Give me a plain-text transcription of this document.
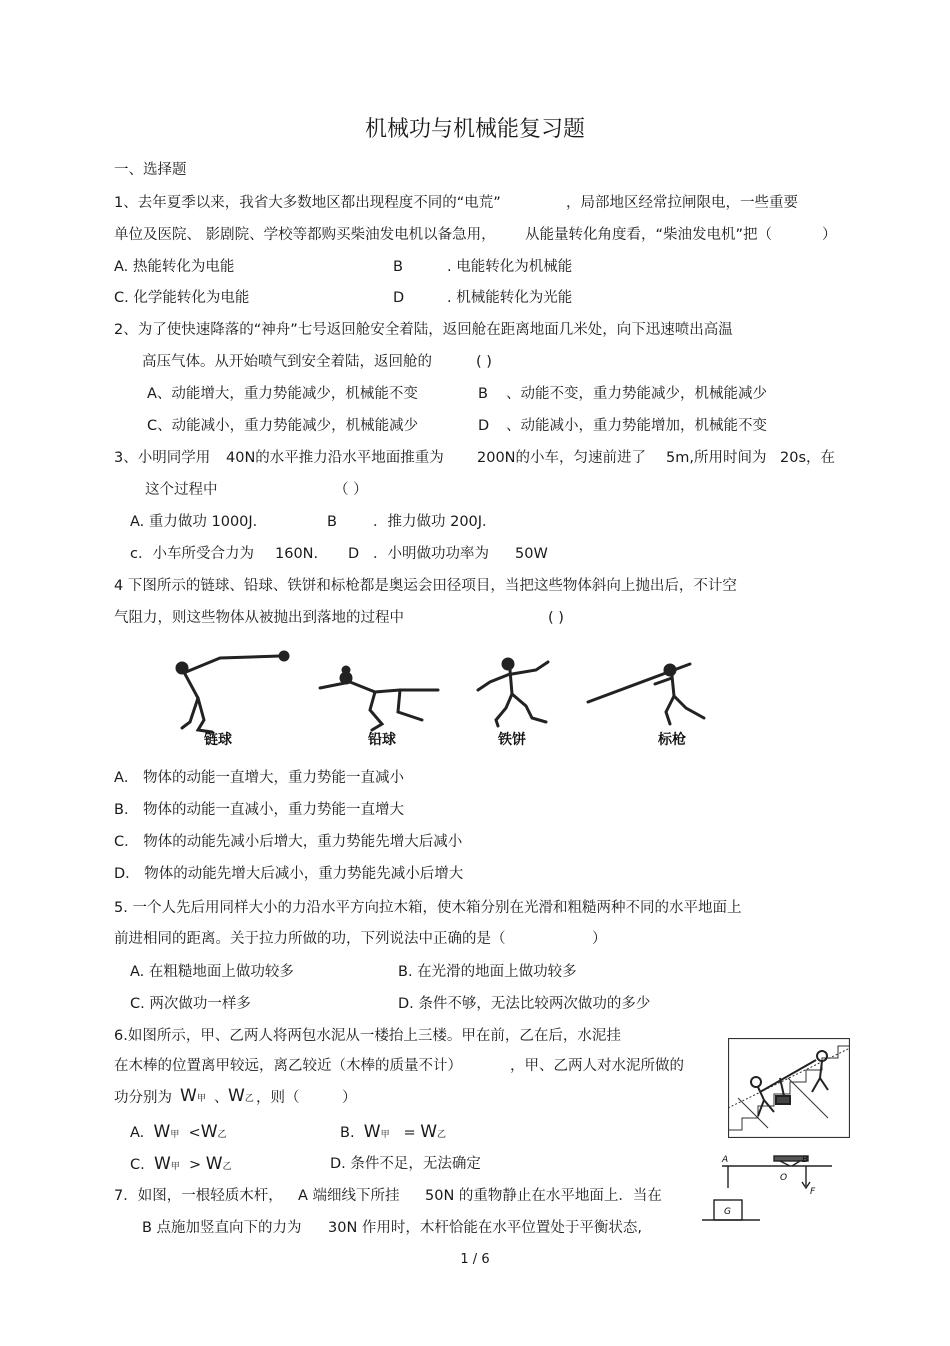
机械功与机械能复习题
一、选择题
1、去年夏季以来，我省大多数地区都出现程度不同的“电荒”	，局部地区经常拉闸限电，一些重要
单位及医院、 影剧院、学校等都购买柴油发电机以备急用， 从能量转化角度看，“柴油发电机”把（	）
A. 热能转化为电能	B	. 电能转化为机械能
C. 化学能转化为电能	D	. 机械能转化为光能
2、为了使快速降落的“神舟”七号返回舱安全着陆，返回舱在距离地面几米处，向下迅速喷出高温
高压气体。从开始喷气到安全着陆，返回舱的	( )
A、动能增大，重力势能减少，机械能不变	B 、动能不变，重力势能减少，机械能减少
C、动能减小，重力势能减少，机械能减少	D 、动能减小，重力势能增加，机械能不变
3、小明同学用 40N的水平推力沿水平地面推重为 200N的小车，匀速前进了 5m,所用时间为 20s，在
这个过程中	（ ）
A. 重力做功 1000J．	B ．推力做功 200J．
c．小车所受合力为 160N. D ．小明做功功率为 50W
4 下图所示的链球、铅球、铁饼和标枪都是奥运会田径项目，当把这些物体斜向上抛出后，不计空
气阻力，则这些物体从被抛出到落地的过程中	( )
链球	铅球	铁饼	标枪
A． 物体的动能一直增大，重力势能一直减小
B． 物体的动能一直减小，重力势能一直增大
C． 物体的动能先减小后增大，重力势能先增大后减小
D． 物体的动能先增大后减小，重力势能先减小后增大
5. 一个人先后用同样大小的力沿水平方向拉木箱，使木箱分别在光滑和粗糙两种不同的水平地面上
前进相同的距离。关于拉力所做的功，下列说法中正确的是（	）
A. 在粗糙地面上做功较多	B. 在光滑的地面上做功较多
C. 两次做功一样多	D. 条件不够，无法比较两次做功的多少
6.如图所示，甲、乙两人将两包水泥从一楼抬上三楼。甲在前，乙在后，水泥挂
在木棒的位置离甲较远，离乙较近（木棒的质量不计）	，甲、乙两人对水泥所做的
功分别为 W甲 、 W乙 ，则（	）
A. W甲 <W乙	B. W甲 = W乙
C. W甲 > W乙	D. 条件不足，无法确定
7．如图，一根轻质木杆， A 端细线下所挂 50N 的重物静止在水平地面上．当在
B 点施加竖直向下的力为 30N 作用时，木杆恰能在水平位置处于平衡状态,
A
O
B
F
G
1 / 6
